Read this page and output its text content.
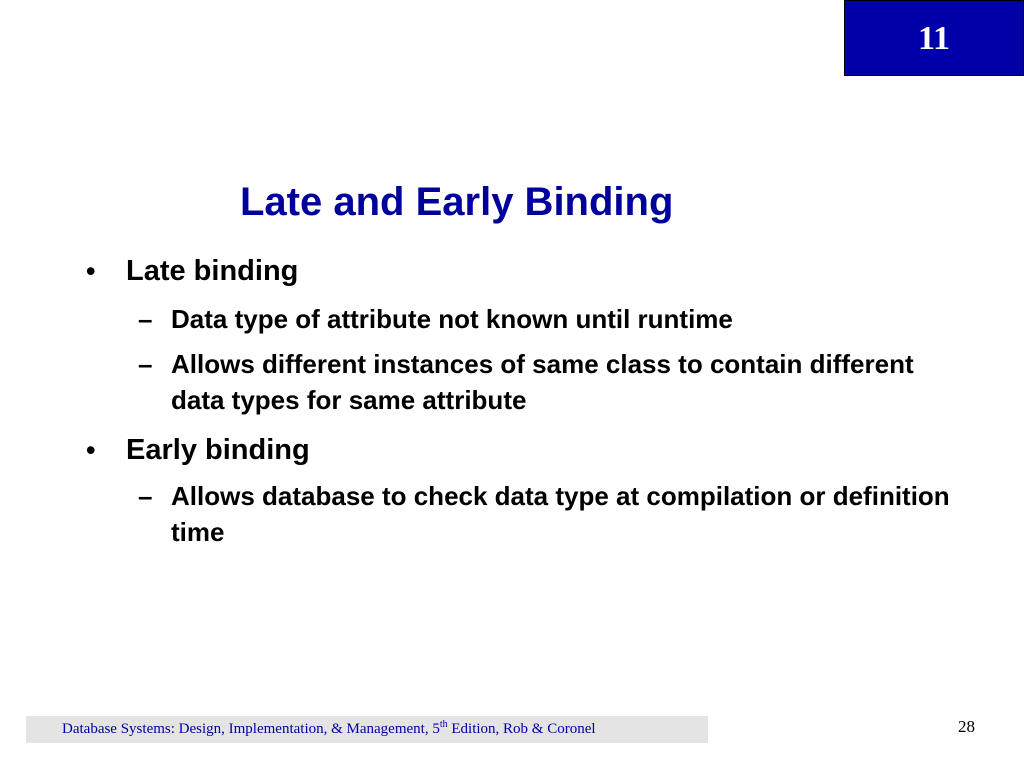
11
Late and Early Binding
• Late binding
– Data type of attribute not known until runtime
– Allows different instances of same class to contain different data types for same attribute
• Early binding
– Allows database to check data type at compilation or definition time
Database Systems: Design, Implementation, & Management, 5th Edition, Rob & Coronel	28
